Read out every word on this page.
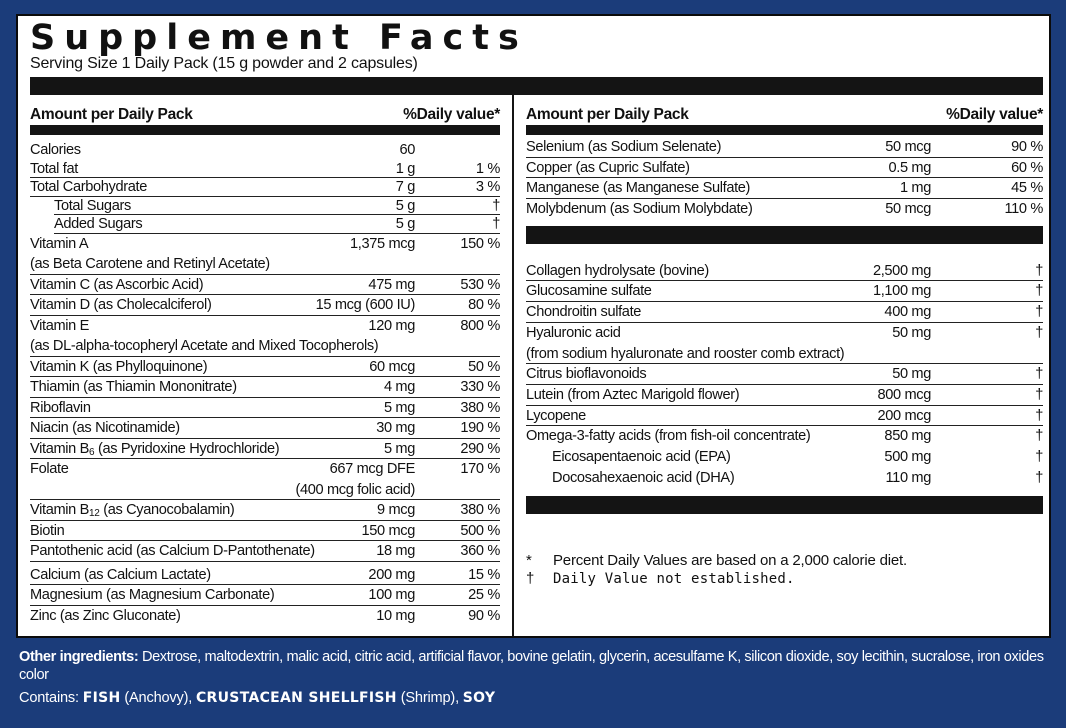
Supplement Facts
Serving Size 1 Daily Pack (15 g powder and 2 capsules)
Amount per Daily Pack	%Daily value*
Calories	60
Total fat	1 g	1 %
Total Carbohydrate	7 g	3 %
Total Sugars	5 g	†
Added Sugars	5 g	†
Vitamin A	1,375 mcg	150 %
(as Beta Carotene and Retinyl Acetate)
Vitamin C (as Ascorbic Acid)	475 mg	530 %
Vitamin D (as Cholecalciferol)	15 mcg (600 IU)	80 %
Vitamin E	120 mg	800 %
(as DL-alpha-tocopheryl Acetate and Mixed Tocopherols)
Vitamin K (as Phylloquinone)	60 mcg	50 %
Thiamin (as Thiamin Mononitrate)	4 mg	330 %
Riboflavin	5 mg	380 %
Niacin (as Nicotinamide)	30 mg	190 %
Vitamin $B_6$ (as Pyridoxine Hydrochloride)	5 mg	290 %
Folate	667 mcg DFE	170 %
(400 mcg folic acid)
Vitamin $B_{12}$ (as Cyanocobalamin)	9 mcg	380 %
Biotin	150 mcg	500 %
Pantothenic acid (as Calcium D-Pantothenate)	18 mg	360 %
Calcium (as Calcium Lactate)	200 mg	15 %
Magnesium (as Magnesium Carbonate)	100 mg	25 %
Zinc (as Zinc Gluconate)	10 mg	90 %
Amount per Daily Pack	%Daily value*
Selenium (as Sodium Selenate)	50 mcg	90 %
Copper (as Cupric Sulfate)	0.5 mg	60 %
Manganese (as Manganese Sulfate)	1 mg	45 %
Molybdenum (as Sodium Molybdate)	50 mcg	110 %
Collagen hydrolysate (bovine)	2,500 mg	†
Glucosamine sulfate	1,100 mg	†
Chondroitin sulfate	400 mg	†
Hyaluronic acid	50 mg	†
(from sodium hyaluronate and rooster comb extract)
Citrus bioflavonoids	50 mg	†
Lutein (from Aztec Marigold flower)	800 mcg	†
Lycopene	200 mcg	†
Omega-3-fatty acids (from fish-oil concentrate)	850 mg	†
Eicosapentaenoic acid (EPA)	500 mg	†
Docosahexaenoic acid (DHA)	110 mg	†
* Percent Daily Values are based on a 2,000 calorie diet.
† Daily Value not established.
Other ingredients: Dextrose, maltodextrin, malic acid, citric acid, artificial flavor, bovine gelatin, glycerin, acesulfame K, silicon dioxide, soy lecithin, sucralose, iron oxides color
Contains: FISH (Anchovy), CRUSTACEAN SHELLFISH (Shrimp), SOY
